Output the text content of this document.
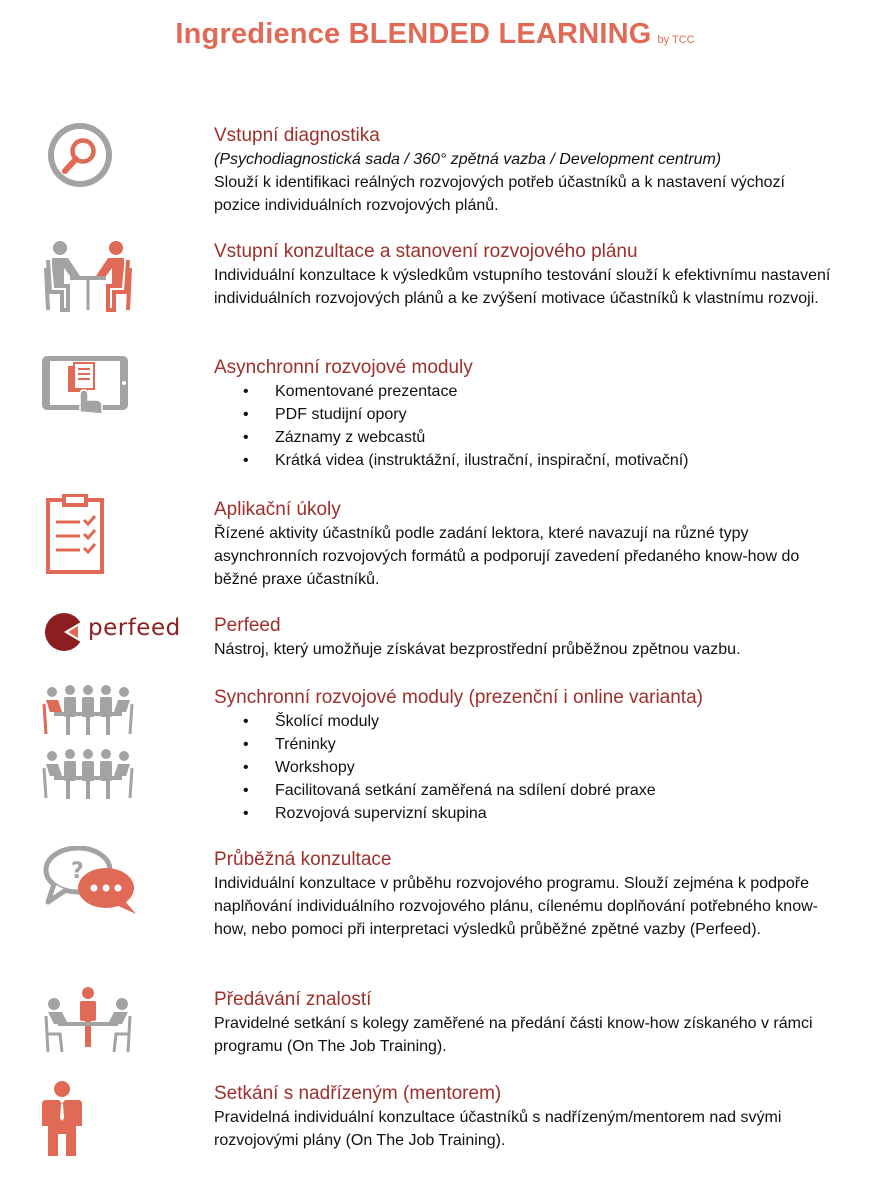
Ingredience BLENDED LEARNING by TCC

Vstupní diagnostika

(Psychodiagnostická sada / 360° zpětná vazba / Development centrum)

Slouží k identifikaci reálných rozvojových potřeb účastníků a k nastavení výchozí pozice individuálních rozvojových plánů.

Vstupní konzultace a stanovení rozvojového plánu

Individuální konzultace k výsledkům vstupního testování slouží k efektivnímu nastavení individuálních rozvojových plánů a ke zvýšení motivace účastníků k vlastnímu rozvoji.

Asynchronní rozvojové moduly

• Komentované prezentace
• PDF studijní opory
• Záznamy z webcastů
• Krátká videa (instruktážní, ilustrační, inspirační, motivační)

Aplikační úkoly

Řízené aktivity účastníků podle zadání lektora, které navazují na různé typy asynchronních rozvojových formátů a podporují zavedení předaného know-how do běžné praxe účastníků.

perfeed Perfeed

Nástroj, který umožňuje získávat bezprostřední průběžnou zpětnou vazbu.

Synchronní rozvojové moduly (prezenční i online varianta)

• Školící moduly
• Tréninky
• Workshopy
• Facilitovaná setkání zaměřená na sdílení dobré praxe
• Rozvojová supervizní skupina
?	Průběžná konzultace

Individuální konzultace v průběhu rozvojového programu. Slouží zejména k podpoře naplňování individuálního rozvojového plánu, cílenému doplňování potřebného know-how, nebo pomoci při interpretaci výsledků průběžné zpětné vazby (Perfeed).

Předávání znalostí

Pravidelné setkání s kolegy zaměřené na předání části know-how získaného v rámci programu (On The Job Training).

Setkání s nadřízeným (mentorem)

Pravidelná individuální konzultace účastníků s nadřízeným/mentorem nad svými rozvojovými plány (On The Job Training).
